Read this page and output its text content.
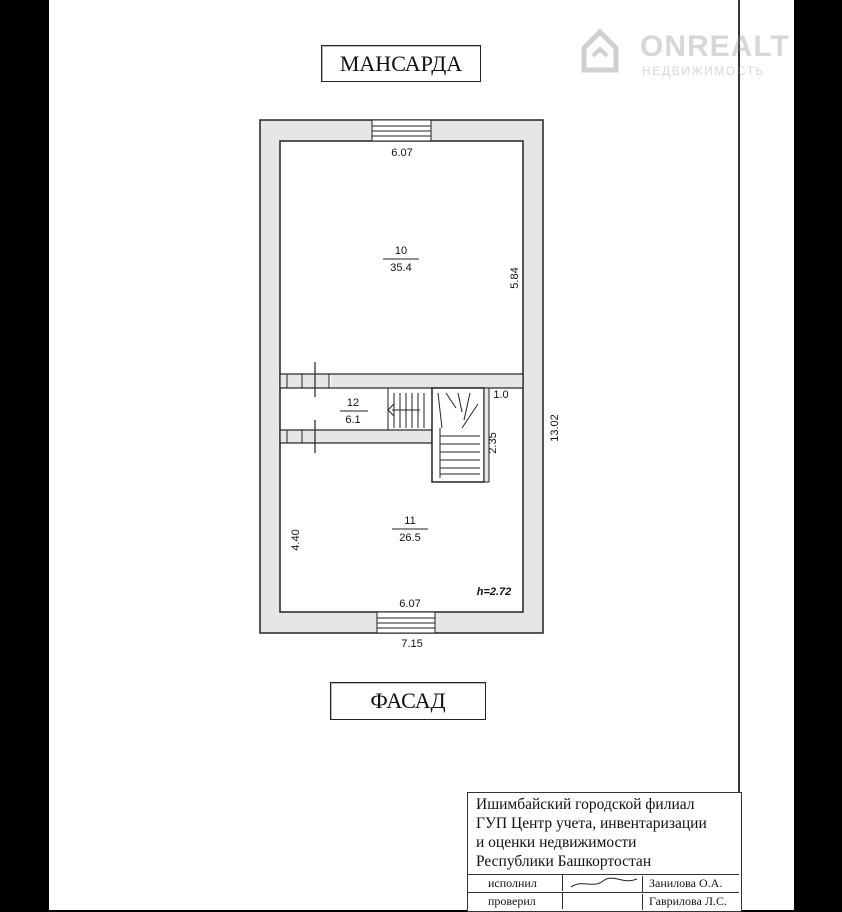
ONREALT
НЕДВИЖИМОСТЬ
МАНСАРДА
6.07
5.84
13.02
1.0
2.35
4.40
6.07
7.15
h=2.72
10
35.4
12
6.1
11
26.5
ФАСАД
Ишимбайский городской филиал
ГУП Центр учета, инвентаризации
и оценки недвижимости
Республики Башкортостан
исполнил	Занилова О.А.
проверил	Гаврилова Л.С.
